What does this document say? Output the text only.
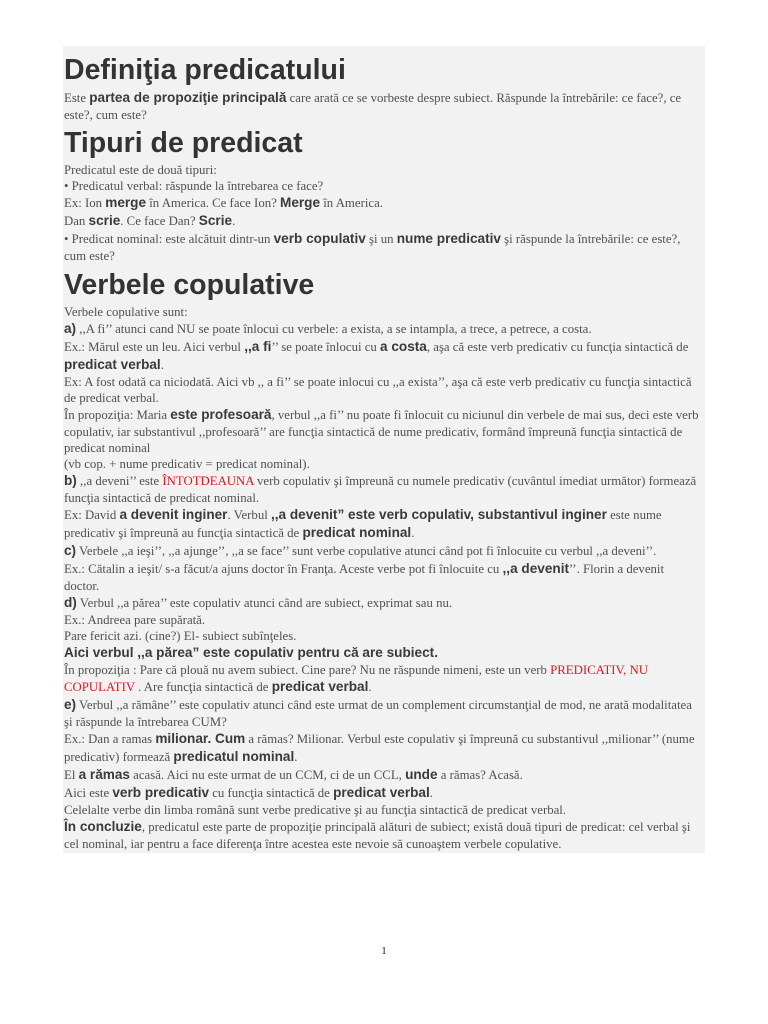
Definiţia predicatului

Este partea de propoziţie principală care arată ce se vorbeste despre subiect. Răspunde la întrebările: ce face?, ce este?, cum este?

Tipuri de predicat

Predicatul este de două tipuri:

• Predicatul verbal: răspunde la întrebarea ce face?

Ex: Ion merge în America. Ce face Ion? Merge în America.

Dan scrie. Ce face Dan? Scrie.

• Predicat nominal: este alcătuit dintr-un verb copulativ şi un nume predicativ şi răspunde la întrebările: ce este?, cum este?

Verbele copulative

Verbele copulative sunt:

a) ,,A fi’’ atunci cand NU se poate înlocui cu verbele: a exista, a se intampla, a trece, a petrece, a costa.

Ex.: Mărul este un leu. Aici verbul ,,a fi’’ se poate înlocui cu a costa, aşa că este verb predicativ cu funcţia sintactică de predicat verbal.

Ex: A fost odată ca niciodată. Aici vb ,, a fi’’ se poate inlocui cu ,,a exista’’, aşa că este verb predicativ cu funcţia sintactică de predicat verbal.

În propoziţia: Maria este profesoară, verbul ,,a fi’’ nu poate fi înlocuit cu niciunul din verbele de mai sus, deci este verb copulativ, iar substantivul ,,profesoară’’ are funcţia sintactică de nume predicativ, formând împreună funcţia sintactică de predicat nominal

(vb cop. + nume predicativ = predicat nominal).

b) ,,a deveni’’ este ÎNTOTDEAUNA verb copulativ şi împreună cu numele predicativ (cuvântul imediat următor) formează funcţia sintactică de predicat nominal.

Ex: David a devenit inginer. Verbul ,,a devenit” este verb copulativ, substantivul inginer este nume predicativ şi împreună au funcţia sintactică de predicat nominal.

c) Verbele ,,a ieşi’’, ,,a ajunge’’, ,,a se face’’ sunt verbe copulative atunci când pot fi înlocuite cu verbul ,,a deveni’’.

Ex.: Cătalin a ieşit/ s-a făcut/a ajuns doctor în Franţa. Aceste verbe pot fi înlocuite cu ,,a devenit’’. Florin a devenit doctor.

d) Verbul ,,a părea’’ este copulativ atunci când are subiect, exprimat sau nu.

Ex.: Andreea pare supărată.

Pare fericit azi. (cine?) El- subiect subînţeles.

Aici verbul ,,a părea” este copulativ pentru că are subiect.

În propoziţia : Pare că plouă nu avem subiect. Cine pare? Nu ne răspunde nimeni, este un verb PREDICATIV, NU COPULATIV . Are funcţia sintactică de predicat verbal.

e) Verbul ,,a rămâne’’ este copulativ atunci când este urmat de un complement circumstanţial de mod, ne arată modalitatea şi răspunde la întrebarea CUM?

Ex.: Dan a ramas milionar. Cum a rămas? Milionar. Verbul este copulativ şi împreună cu substantivul ,,milionar’’ (nume predicativ) formează predicatul nominal.

El a rămas acasă. Aici nu este urmat de un CCM, ci de un CCL, unde a rămas? Acasă.

Aici este verb predicativ cu funcţia sintactică de predicat verbal.

Celelalte verbe din limba română sunt verbe predicative şi au funcţia sintactică de predicat verbal.

În concluzie, predicatul este parte de propoziţie principală alături de subiect; există două tipuri de predicat: cel verbal şi cel nominal, iar pentru a face diferenţa între acestea este nevoie să cunoaştem verbele copulative.

1
